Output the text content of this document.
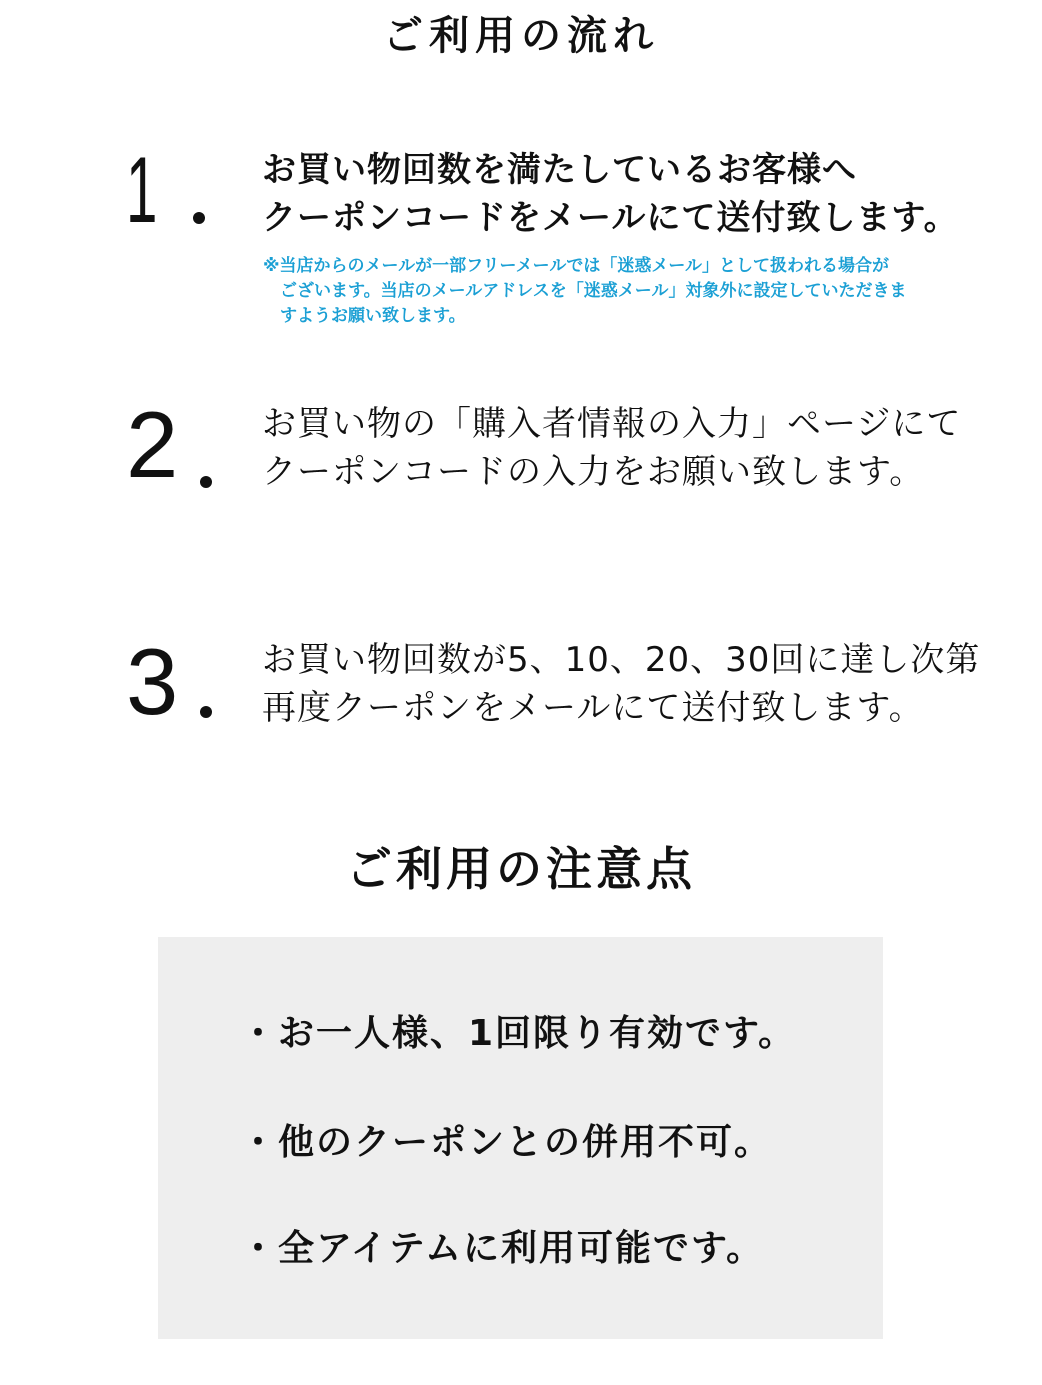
ご利用の流れ
1	お買い物回数を満たしているお客様へ
クーポンコードをメールにて送付致します。
※当店からのメールが一部フリーメールでは「迷惑メール」として扱われる場合が
ございます。当店のメールアドレスを「迷惑メール」対象外に設定していただきま
すようお願い致します。
2 お買い物の「購入者情報の入力」ページにて
クーポンコードの入力をお願い致します。
3 お買い物回数が5、10、20、30回に達し次第
再度クーポンをメールにて送付致します。
ご利用の注意点
・お一人様、1回限り有効です。
・他のクーポンとの併用不可。
・全アイテムに利用可能です。
